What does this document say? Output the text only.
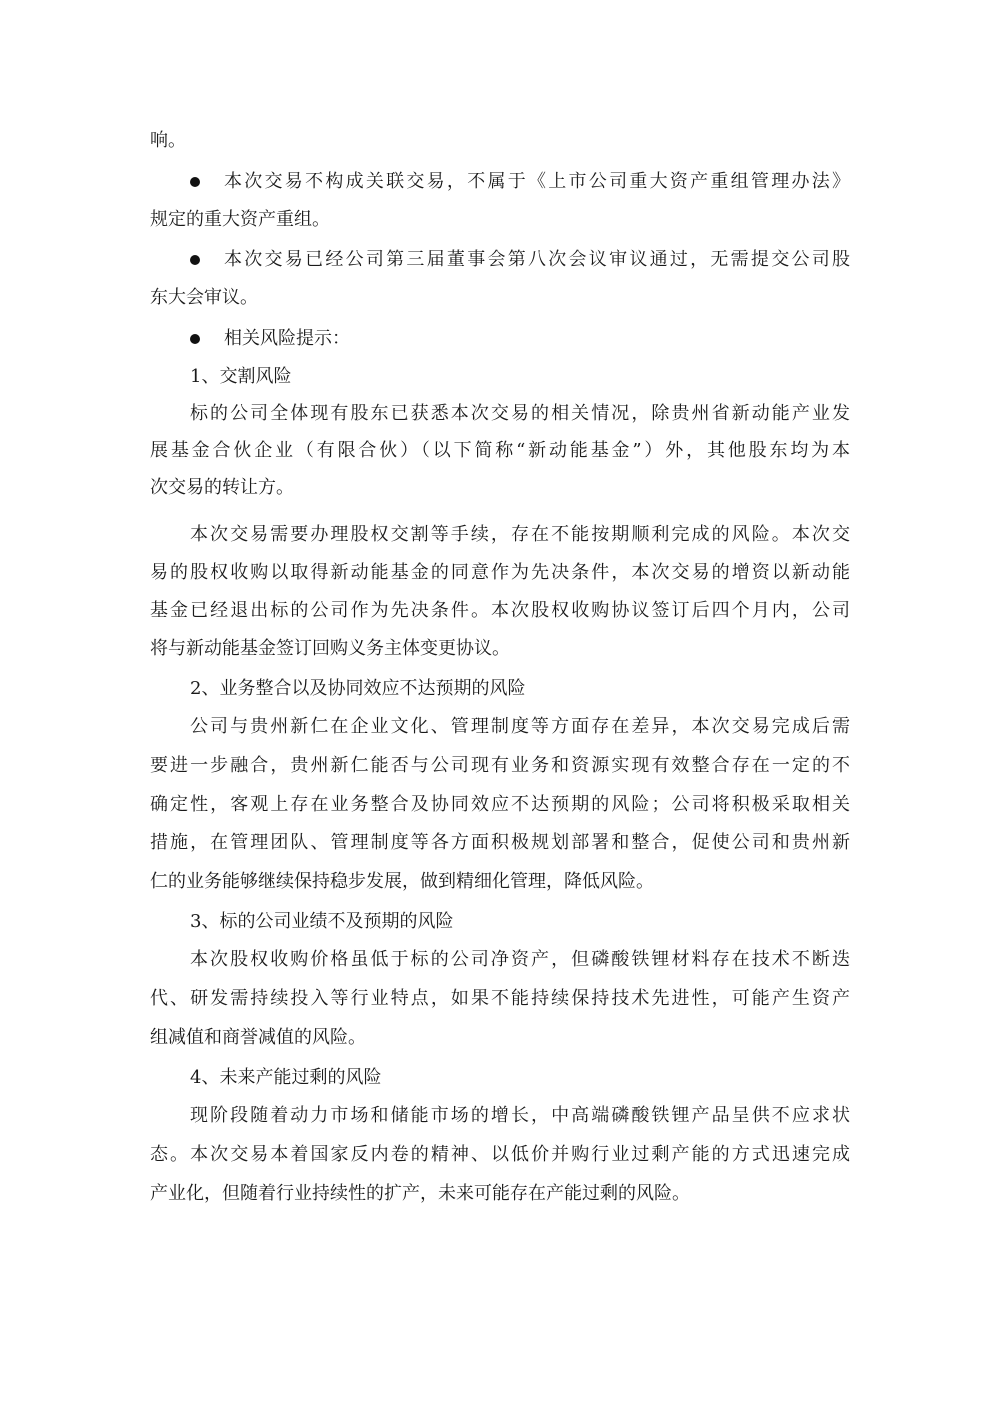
响。
本次交易不构成关联交易，不属于《上市公司重大资产重组管理办法》
规定的重大资产重组。
本次交易已经公司第三届董事会第八次会议审议通过，无需提交公司股
东大会审议。
相关风险提示：
1、交割风险
标的公司全体现有股东已获悉本次交易的相关情况，除贵州省新动能产业发
展基金合伙企业（有限合伙）（以下简称“新动能基金”）外，其他股东均为本
次交易的转让方。
本次交易需要办理股权交割等手续，存在不能按期顺利完成的风险。本次交
易的股权收购以取得新动能基金的同意作为先决条件，本次交易的增资以新动能
基金已经退出标的公司作为先决条件。本次股权收购协议签订后四个月内，公司
将与新动能基金签订回购义务主体变更协议。
2、业务整合以及协同效应不达预期的风险
公司与贵州新仁在企业文化、管理制度等方面存在差异，本次交易完成后需
要进一步融合，贵州新仁能否与公司现有业务和资源实现有效整合存在一定的不
确定性，客观上存在业务整合及协同效应不达预期的风险；公司将积极采取相关
措施，在管理团队、管理制度等各方面积极规划部署和整合，促使公司和贵州新
仁的业务能够继续保持稳步发展，做到精细化管理，降低风险。
3、标的公司业绩不及预期的风险
本次股权收购价格虽低于标的公司净资产，但磷酸铁锂材料存在技术不断迭
代、研发需持续投入等行业特点，如果不能持续保持技术先进性，可能产生资产
组减值和商誉减值的风险。
4、未来产能过剩的风险
现阶段随着动力市场和储能市场的增长，中高端磷酸铁锂产品呈供不应求状
态。本次交易本着国家反内卷的精神、以低价并购行业过剩产能的方式迅速完成
产业化，但随着行业持续性的扩产，未来可能存在产能过剩的风险。
